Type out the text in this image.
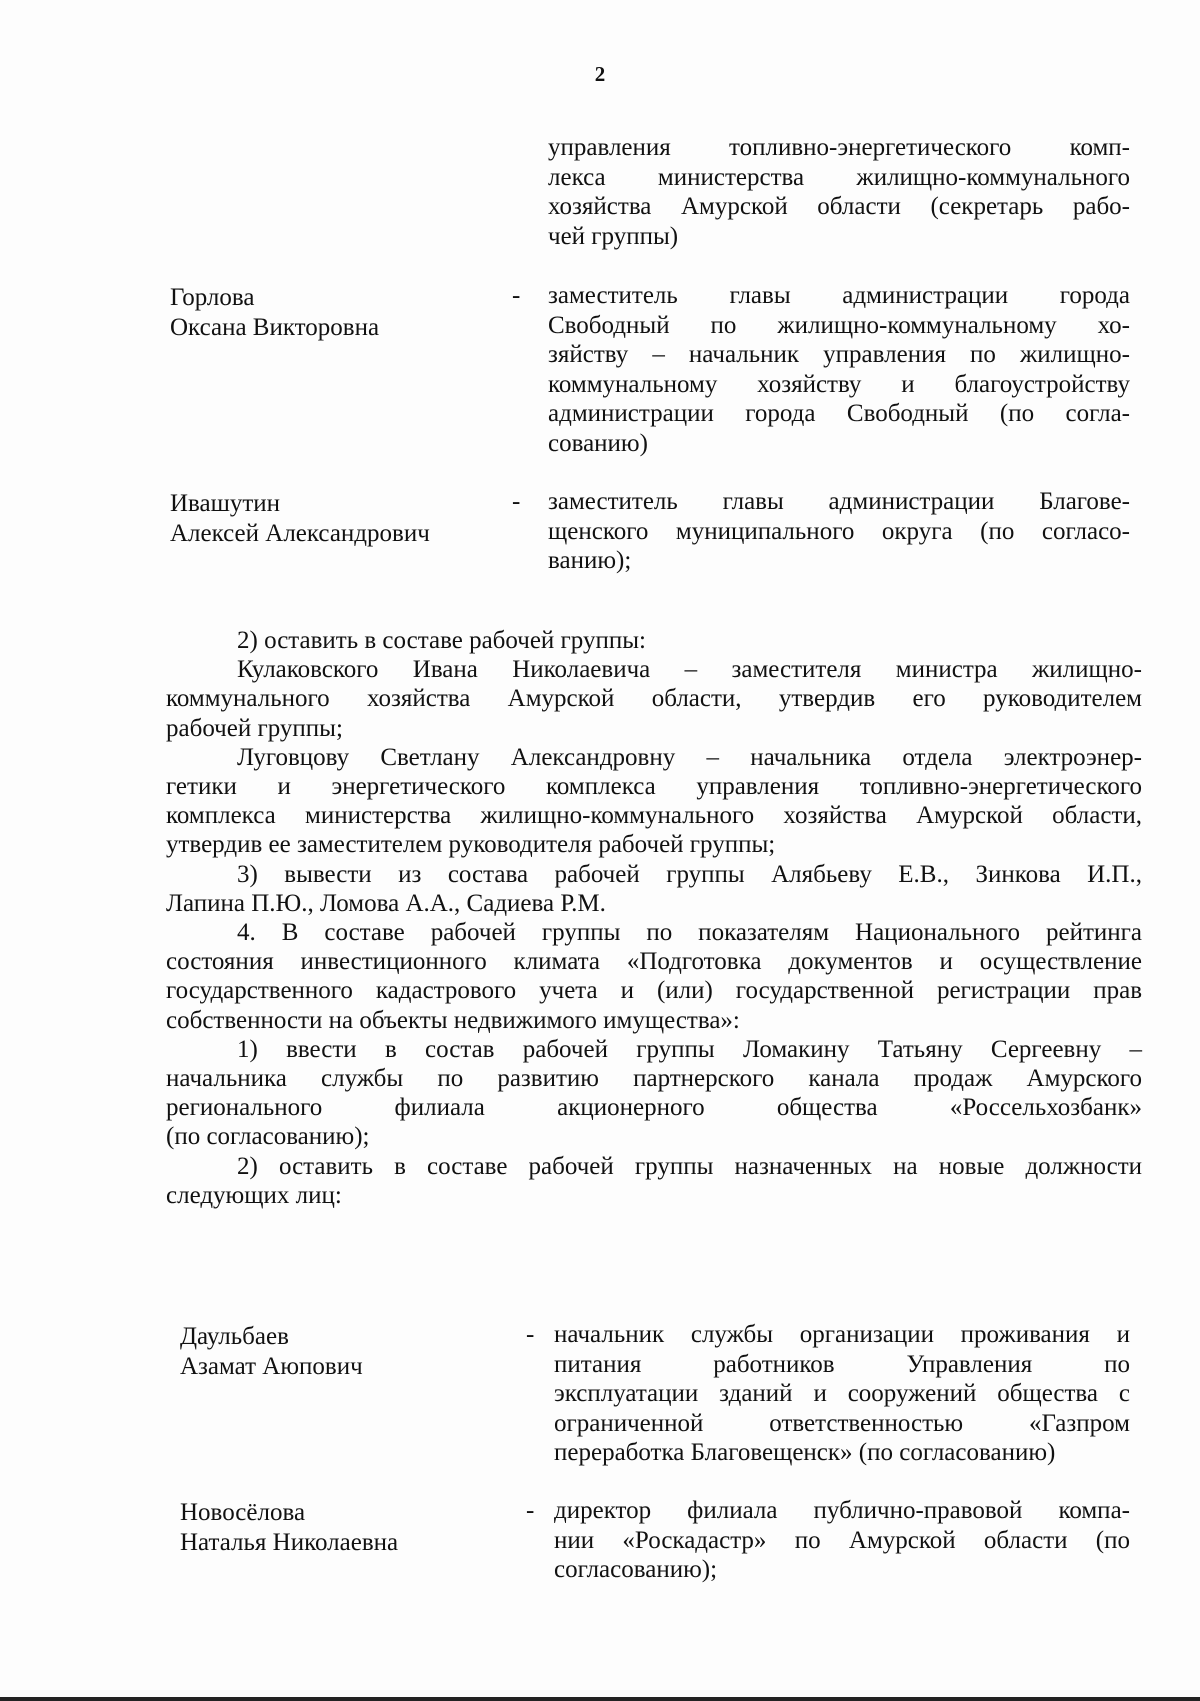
2
управления топливно-энергетического комп-
лекса министерства жилищно-коммунального
хозяйства Амурской области (секретарь рабо-
чей группы)
Горлова
Оксана Викторовна
- заместитель главы администрации города
Свободный по жилищно-коммунальному хо-
зяйству – начальник управления по жилищно-
коммунальному хозяйству и благоустройству
администрации города Свободный (по согла-
сованию)
Ивашутин
Алексей Александрович
- заместитель главы администрации Благове-
щенского муниципального округа (по согласо-
ванию);
2) оставить в составе рабочей группы:
Кулаковского Ивана Николаевича – заместителя министра жилищно-
коммунального хозяйства Амурской области, утвердив его руководителем
рабочей группы;
Луговцову Светлану Александровну – начальника отдела электроэнер-
гетики и энергетического комплекса управления топливно-энергетического
комплекса министерства жилищно-коммунального хозяйства Амурской области,
утвердив ее заместителем руководителя рабочей группы;
3) вывести из состава рабочей группы Алябьеву Е.В., Зинкова И.П.,
Лапина П.Ю., Ломова А.А., Садиева Р.М.
4. В составе рабочей группы по показателям Национального рейтинга
состояния инвестиционного климата «Подготовка документов и осуществление
государственного кадастрового учета и (или) государственной регистрации прав
собственности на объекты недвижимого имущества»:
1) ввести в состав рабочей группы Ломакину Татьяну Сергеевну –
начальника службы по развитию партнерского канала продаж Амурского
регионального филиала акционерного общества «Россельхозбанк»
(по согласованию);
2) оставить в составе рабочей группы назначенных на новые должности
следующих лиц:
Даульбаев
Азамат Аюпович
- начальник службы организации проживания и
питания работников Управления по
эксплуатации зданий и сооружений общества с
ограниченной ответственностью «Газпром
переработка Благовещенск» (по согласованию)
Новосёлова
Наталья Николаевна
- директор филиала публично-правовой компа-
нии «Роскадастр» по Амурской области (по
согласованию);
